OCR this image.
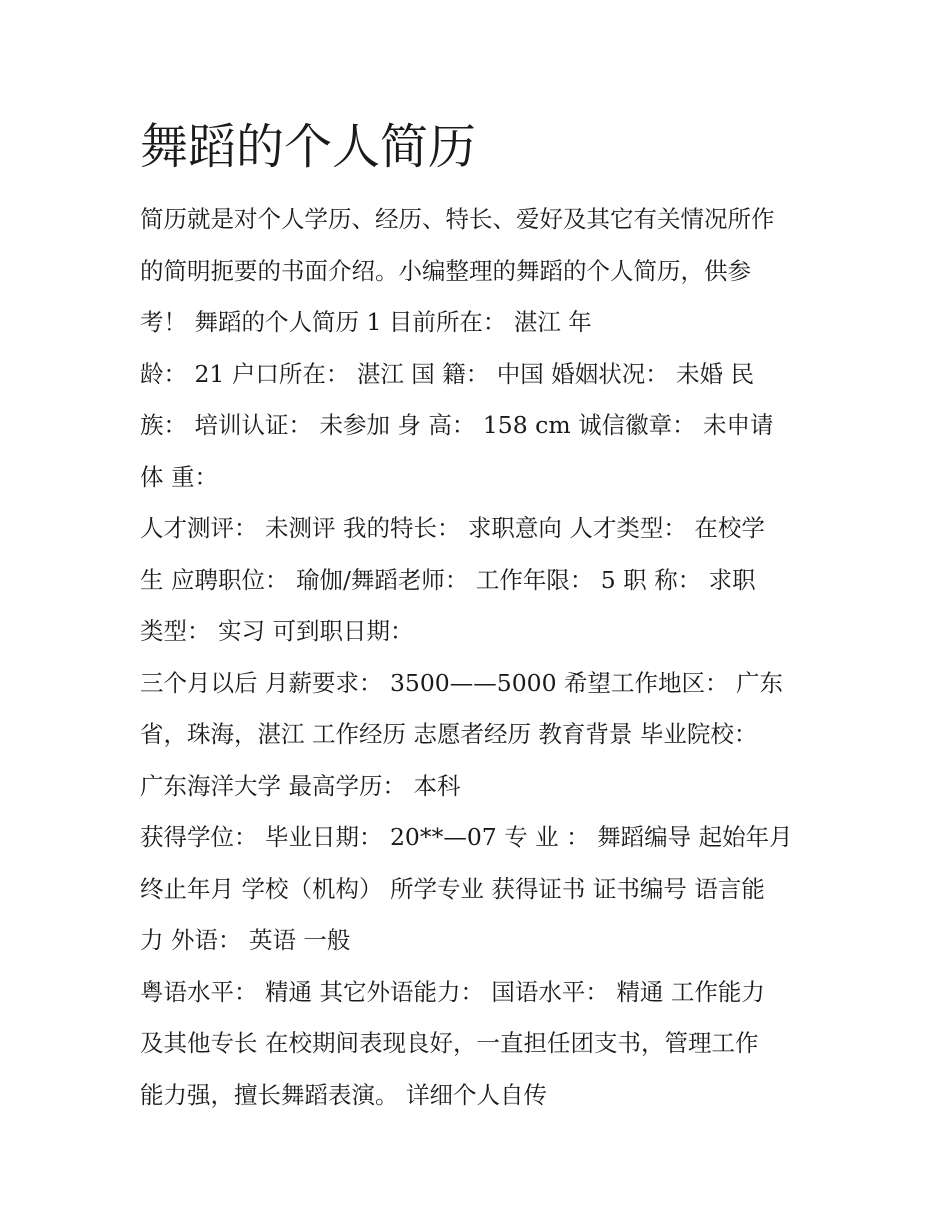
舞蹈的个人简历
简历就是对个人学历、经历、特长、爱好及其它有关情况所作
的简明扼要的书面介绍。小编整理的舞蹈的个人简历，供参
考！ 舞蹈的个人简历 1 目前所在： 湛江 年
龄： 21 户口所在： 湛江 国 籍： 中国 婚姻状况： 未婚 民
族： 培训认证： 未参加 身 高： 158 cm 诚信徽章： 未申请
体 重：
人才测评： 未测评 我的特长： 求职意向 人才类型： 在校学
生 应聘职位： 瑜伽/舞蹈老师： 工作年限： 5 职 称： 求职
类型： 实习 可到职日期：
三个月以后 月薪要求： 3500——5000 希望工作地区： 广东
省，珠海，湛江 工作经历 志愿者经历 教育背景 毕业院校：
广东海洋大学 最高学历： 本科
获得学位： 毕业日期： 20**—07 专 业 ： 舞蹈编导 起始年月
终止年月 学校（机构） 所学专业 获得证书 证书编号 语言能
力 外语： 英语 一般
粤语水平： 精通 其它外语能力： 国语水平： 精通 工作能力
及其他专长 在校期间表现良好，一直担任团支书，管理工作
能力强，擅长舞蹈表演。 详细个人自传
